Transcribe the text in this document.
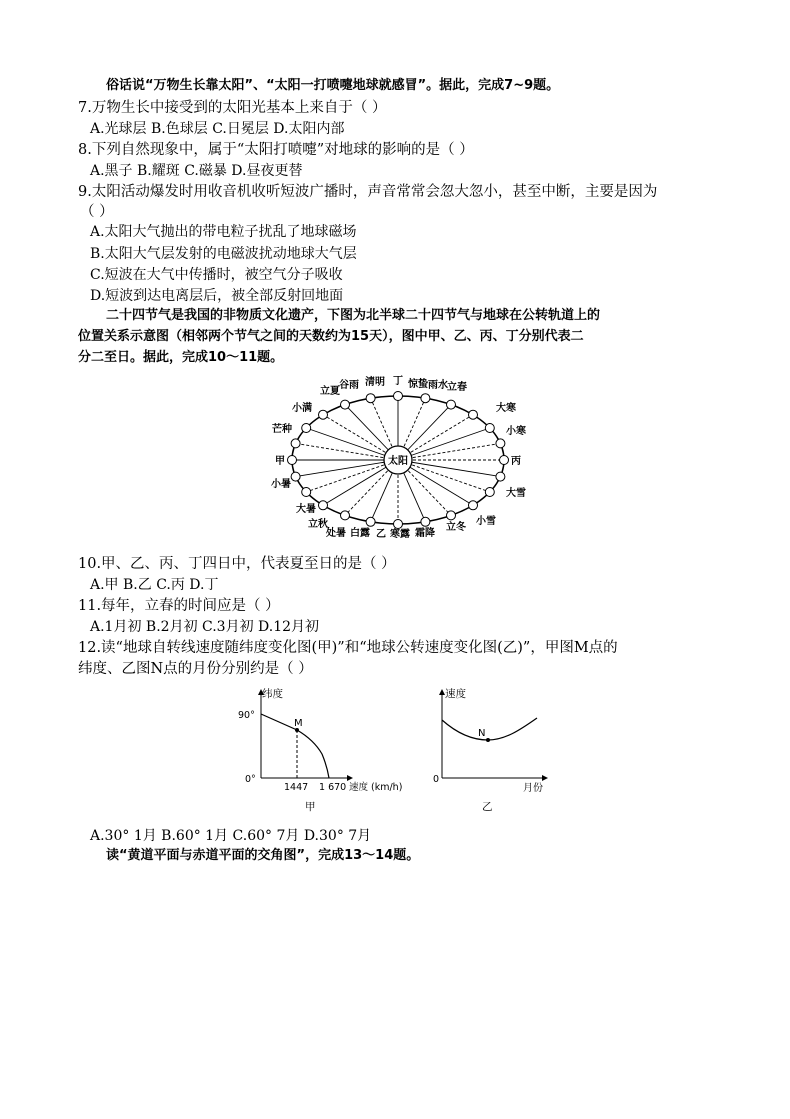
俗话说“万物生长靠太阳”、“太阳一打喷嚏地球就感冒”。据此，完成7~9题。
7.万物生长中接受到的太阳光基本上来自于（ ）
A.光球层 B.色球层 C.日冕层 D.太阳内部
8.下列自然现象中，属于“太阳打喷嚏”对地球的影响的是（ ）
A.黑子 B.耀斑 C.磁暴 D.昼夜更替
9.太阳活动爆发时用收音机收听短波广播时，声音常常会忽大忽小，甚至中断，主要是因为
（ ）
A.太阳大气抛出的带电粒子扰乱了地球磁场
B.太阳大气层发射的电磁波扰动地球大气层
C.短波在大气中传播时，被空气分子吸收
D.短波到达电离层后，被全部反射回地面
二十四节气是我国的非物质文化遗产，下图为北半球二十四节气与地球在公转轨道上的
位置关系示意图（相邻两个节气之间的天数约为15天），图中甲、乙、丙、丁分别代表二
分二至日。据此，完成10～11题。
太阳
立夏
谷雨 清明 丁 惊蛰 雨水 立春
大寒
小寒
丙
大雪
小雪
立冬
霜降
寒露
乙
白露
处暑
立秋
大暑
小暑
甲
芒种
小满
10.甲、乙、丙、丁四日中，代表夏至日的是（ ）
A.甲 B.乙 C.丙 D.丁
11.每年，立春的时间应是（ ）
A.1月初 B.2月初 C.3月初 D.12月初
12.读“地球自转线速度随纬度变化图(甲)”和“地球公转速度变化图(乙)”，甲图M点的
纬度、乙图N点的月份分别约是（ ）
纬度
90°
0°
M
1447 1 670 速度 (km/h)
甲
速度
0
N
月份
乙
A.30° 1月 B.60° 1月 C.60° 7月 D.30° 7月
读“黄道平面与赤道平面的交角图”，完成13～14题。
